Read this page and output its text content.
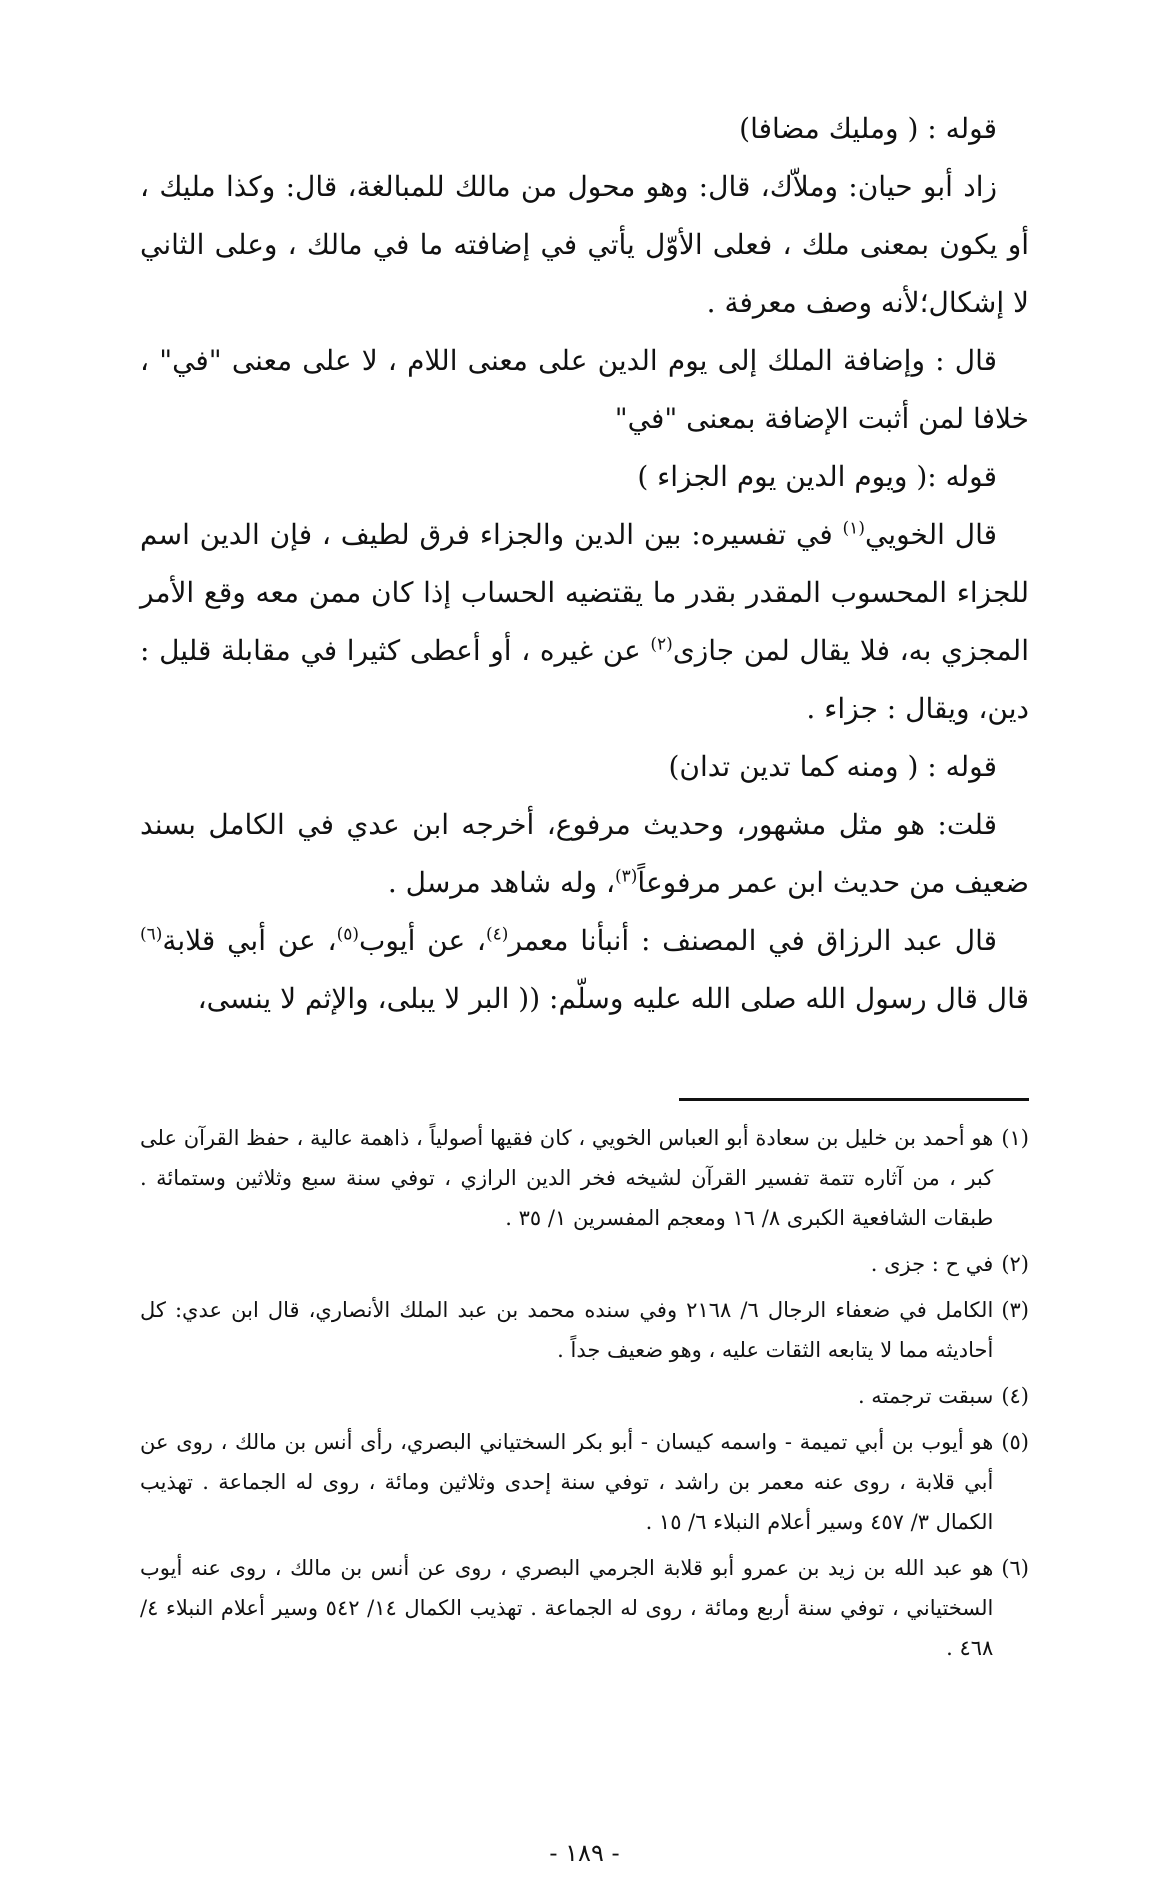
قوله : ( ومليك مضافا)

زاد أبو حيان: وملاّك، قال: وهو محول من مالك للمبالغة، قال: وكذا مليك ، أو يكون بمعنى ملك ، فعلى الأوّل يأتي في إضافته ما في مالك ، وعلى الثاني لا إشكال؛لأنه وصف معرفة .

قال : وإضافة الملك إلى يوم الدين على معنى اللام ، لا على معنى "في" ، خلافا لمن أثبت الإضافة بمعنى "في"

قوله :( ويوم الدين يوم الجزاء )

قال الخويي$^{(١)}$ في تفسيره: بين الدين والجزاء فرق لطيف ، فإن الدين اسم للجزاء المحسوب المقدر بقدر ما يقتضيه الحساب إذا كان ممن معه وقع الأمر المجزي به، فلا يقال لمن جازى$^{(٢)}$ عن غيره ، أو أعطى كثيرا في مقابلة قليل : دين، ويقال : جزاء .

قوله : ( ومنه كما تدين تدان)

قلت: هو مثل مشهور، وحديث مرفوع، أخرجه ابن عدي في الكامل بسند ضعيف من حديث ابن عمر مرفوعاً$^{(٣)}$، وله شاهد مرسل .

قال عبد الرزاق في المصنف : أنبأنا معمر$^{(٤)}$، عن أيوب$^{(٥)}$، عن أبي قلابة$^{(٦)}$ قال قال رسول الله صلى الله عليه وسلّم: (( البر لا يبلى، والإثم لا ينسى،

(١)
هو أحمد بن خليل بن سعادة أبو العباس الخويي ، كان فقيها أصولياً ، ذاهمة عالية ، حفظ القرآن على كبر ، من آثاره تتمة تفسير القرآن لشيخه فخر الدين الرازي ، توفي سنة سبع وثلاثين وستمائة . طبقات الشافعية الكبرى ٨/ ١٦ ومعجم المفسرين ١/ ٣٥ .
(٢)
في ح : جزى .
(٣)
الكامل في ضعفاء الرجال ٦/ ٢١٦٨ وفي سنده محمد بن عبد الملك الأنصاري، قال ابن عدي: كل أحاديثه مما لا يتابعه الثقات عليه ، وهو ضعيف جداً .
(٤)
سبقت ترجمته .
(٥)
هو أيوب بن أبي تميمة - واسمه كيسان - أبو بكر السختياني البصري، رأى أنس بن مالك ، روى عن أبي قلابة ، روى عنه معمر بن راشد ، توفي سنة إحدى وثلاثين ومائة ، روى له الجماعة . تهذيب الكمال ٣/ ٤٥٧ وسير أعلام النبلاء ٦/ ١٥ .
(٦)
هو عبد الله بن زيد بن عمرو أبو قلابة الجرمي البصري ، روى عن أنس بن مالك ، روى عنه أيوب السختياني ، توفي سنة أربع ومائة ، روى له الجماعة . تهذيب الكمال ١٤/ ٥٤٢ وسير أعلام النبلاء ٤/ ٤٦٨ .
- ١٨٩ -
